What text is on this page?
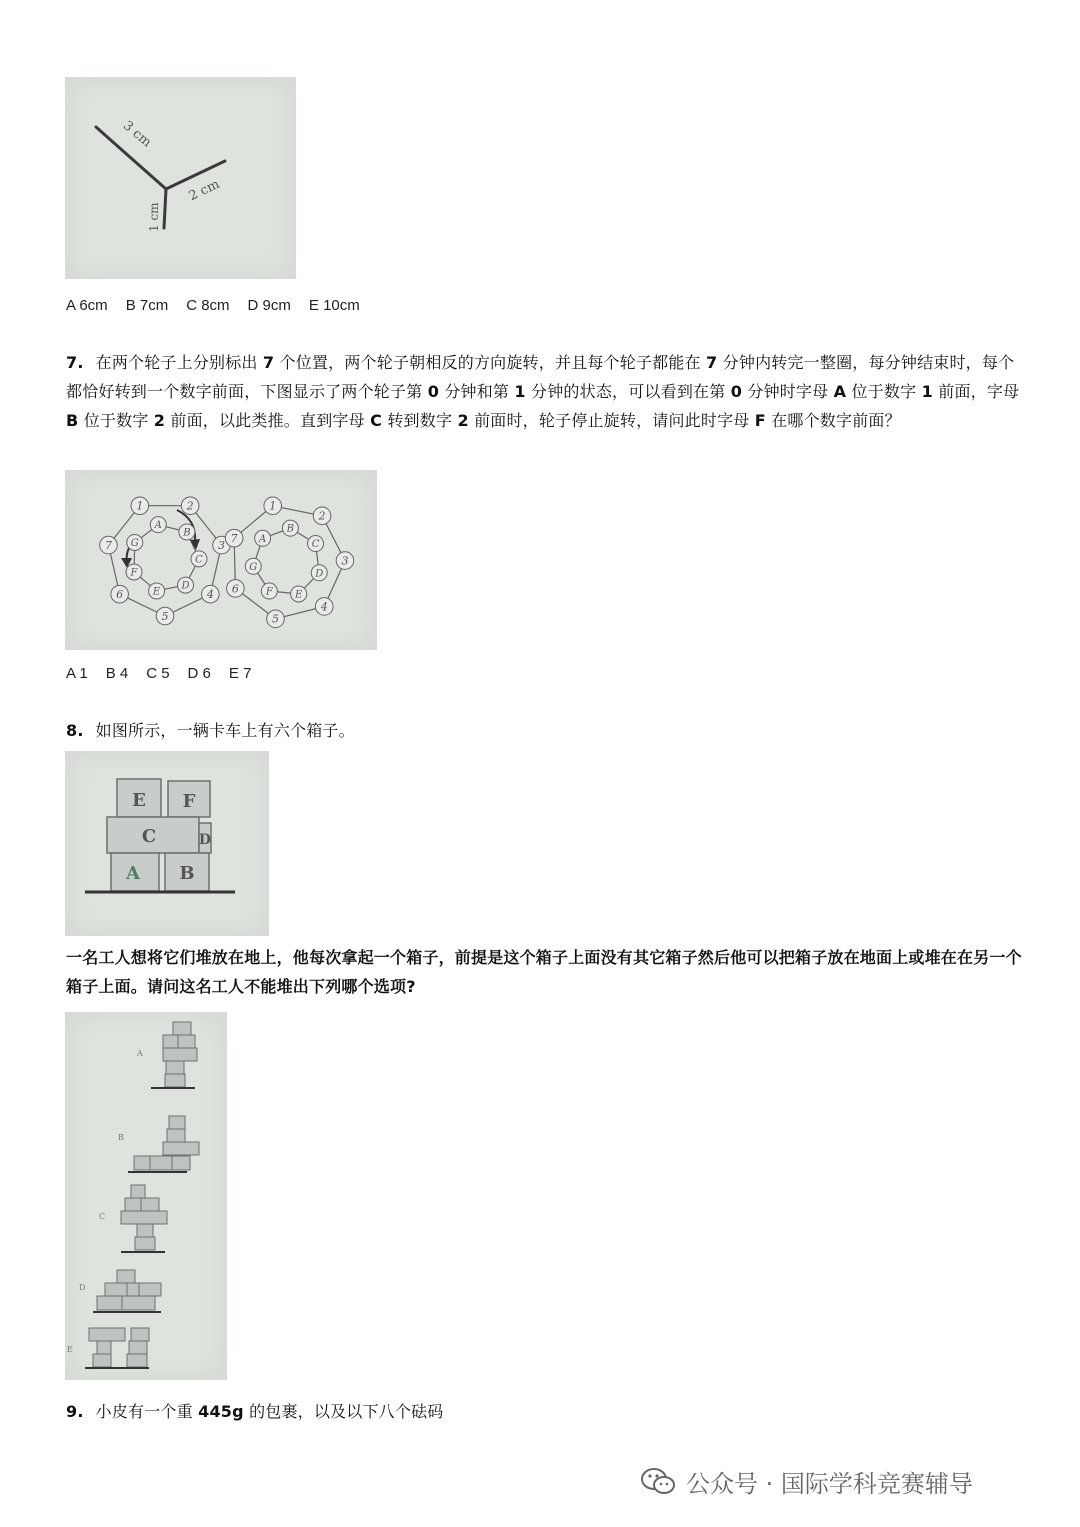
3 cm
2 cm
1 cm
A 6cm B 7cm C 8cm D 9cm E 10cm
7. 在两个轮子上分别标出 7 个位置，两个轮子朝相反的方向旋转，并且每个轮子都能在 7 分钟内转完一整圈，每分钟结束时，每个都恰好转到一个数字前面，下图显示了两个轮子第 0 分钟和第 1 分钟的状态，可以看到在第 0 分钟时字母 A 位于数字 1 前面，字母 B 位于数字 2 前面，以此类推。直到字母 C 转到数字 2 前面时，轮子停止旋转，请问此时字母 F 在哪个数字前面？
1	2
3
4
5
6
7
A
B
C
D
E
F
G
1
2
3
4
5
6
7 A
B
C
D
E
F
G
A 1 B 4 C 5 D 6 E 7
8. 如图所示，一辆卡车上有六个箱子。
E F
C	D
A B
一名工人想将它们堆放在地上，他每次拿起一个箱子，前提是这个箱子上面没有其它箱子然后他可以把箱子放在地面上或堆在在另一个箱子上面。请问这名工人不能堆出下列哪个选项?
A
B
C
D
E
9. 小皮有一个重 445g 的包裹，以及以下八个砝码
公众号 · 国际学科竞赛辅导
